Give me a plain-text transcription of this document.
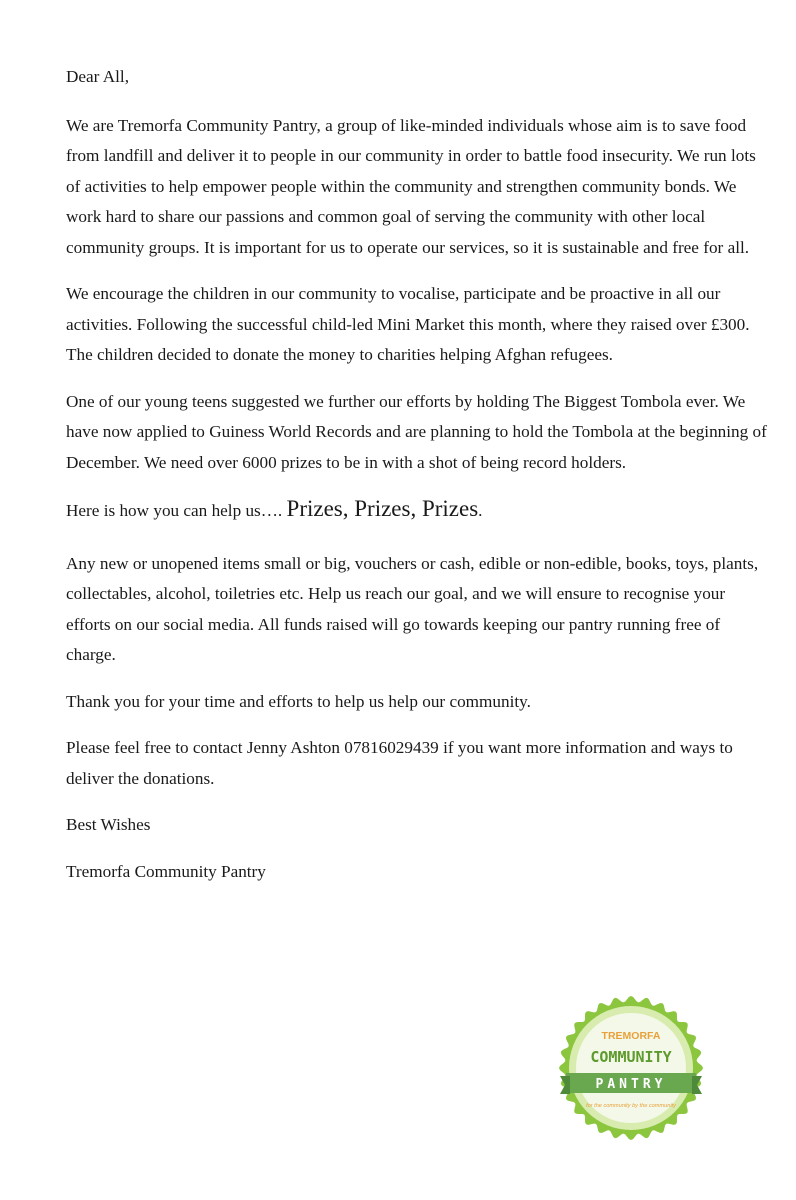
Dear All,

We are Tremorfa Community Pantry, a group of like-minded individuals whose aim is to save food from landfill and deliver it to people in our community in order to battle food insecurity. We run lots of activities to help empower people within the community and strengthen community bonds. We work hard to share our passions and common goal of serving the community with other local community groups. It is important for us to operate our services, so it is sustainable and free for all.

We encourage the children in our community to vocalise, participate and be proactive in all our activities. Following the successful child-led Mini Market this month, where they raised over £300. The children decided to donate the money to charities helping Afghan refugees.

One of our young teens suggested we further our efforts by holding The Biggest Tombola ever. We have now applied to Guiness World Records and are planning to hold the Tombola at the beginning of December. We need over 6000 prizes to be in with a shot of being record holders.

Here is how you can help us…. Prizes, Prizes, Prizes.

Any new or unopened items small or big, vouchers or cash, edible or non-edible, books, toys, plants, collectables, alcohol, toiletries etc. Help us reach our goal, and we will ensure to recognise your efforts on our social media. All funds raised will go towards keeping our pantry running free of charge.

Thank you for your time and efforts to help us help our community.

Please feel free to contact Jenny Ashton 07816029439 if you want more information and ways to deliver the donations.

Best Wishes

Tremorfa Community Pantry

TREMORFA
COMMUNITY
PANTRY
for the community by the community
